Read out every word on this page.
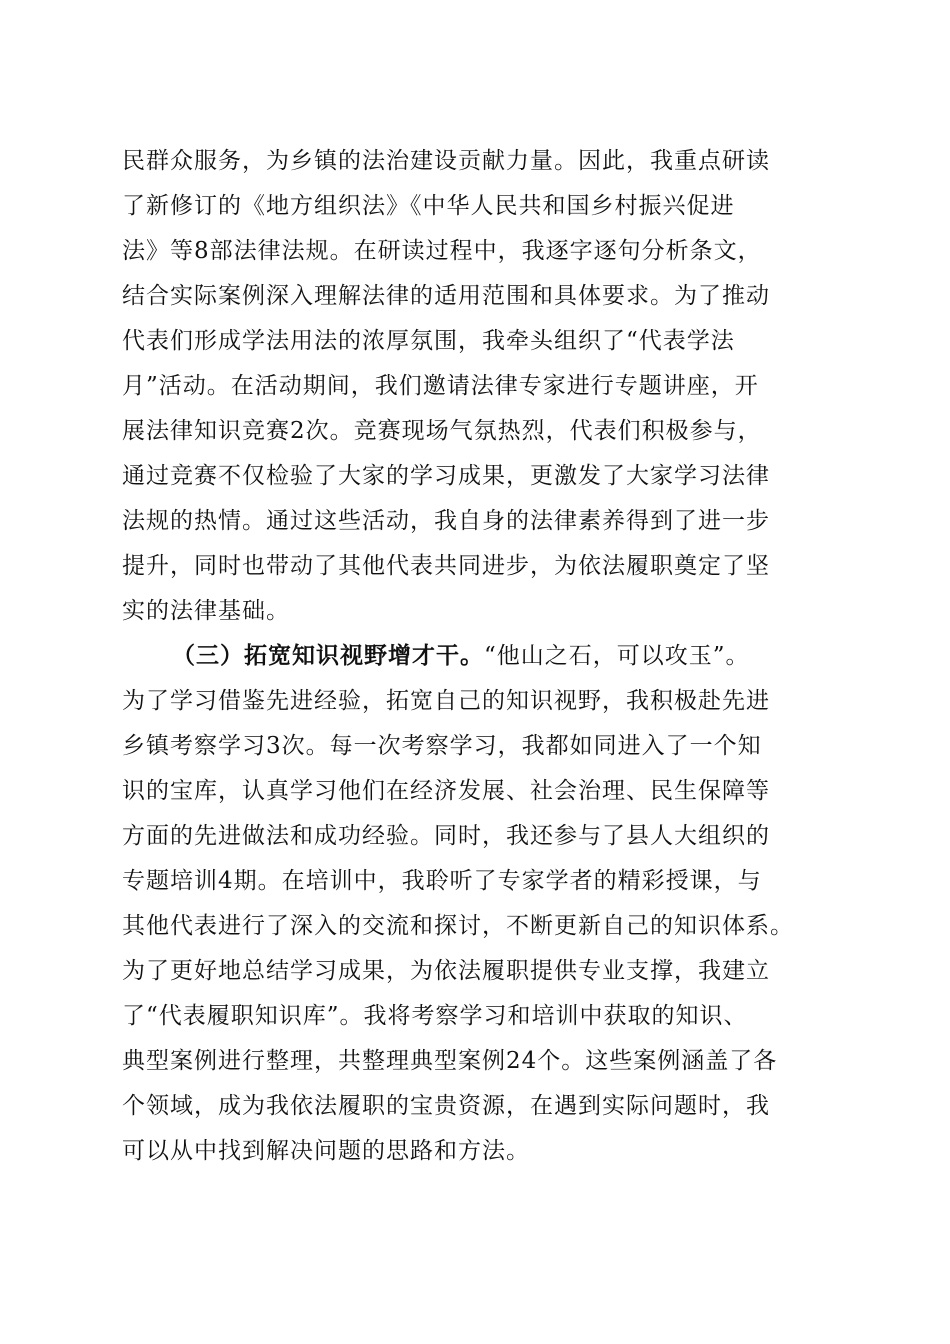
民群众服务，为乡镇的法治建设贡献力量。因此，我重点研读
了新修订的《地方组织法》《中华人民共和国乡村振兴促进
法》等8部法律法规。在研读过程中，我逐字逐句分析条文，
结合实际案例深入理解法律的适用范围和具体要求。为了推动
代表们形成学法用法的浓厚氛围，我牵头组织了“代表学法
月”活动。在活动期间，我们邀请法律专家进行专题讲座，开
展法律知识竞赛2次。竞赛现场气氛热烈，代表们积极参与，
通过竞赛不仅检验了大家的学习成果，更激发了大家学习法律
法规的热情。通过这些活动，我自身的法律素养得到了进一步
提升，同时也带动了其他代表共同进步，为依法履职奠定了坚
实的法律基础。
（三）拓宽知识视野增才干。“他山之石，可以攻玉”。
为了学习借鉴先进经验，拓宽自己的知识视野，我积极赴先进
乡镇考察学习3次。每一次考察学习，我都如同进入了一个知
识的宝库，认真学习他们在经济发展、社会治理、民生保障等
方面的先进做法和成功经验。同时，我还参与了县人大组织的
专题培训4期。在培训中，我聆听了专家学者的精彩授课，与
其他代表进行了深入的交流和探讨，不断更新自己的知识体系。
为了更好地总结学习成果，为依法履职提供专业支撑，我建立
了“代表履职知识库”。我将考察学习和培训中获取的知识、
典型案例进行整理，共整理典型案例24个。这些案例涵盖了各
个领域，成为我依法履职的宝贵资源，在遇到实际问题时，我
可以从中找到解决问题的思路和方法。
